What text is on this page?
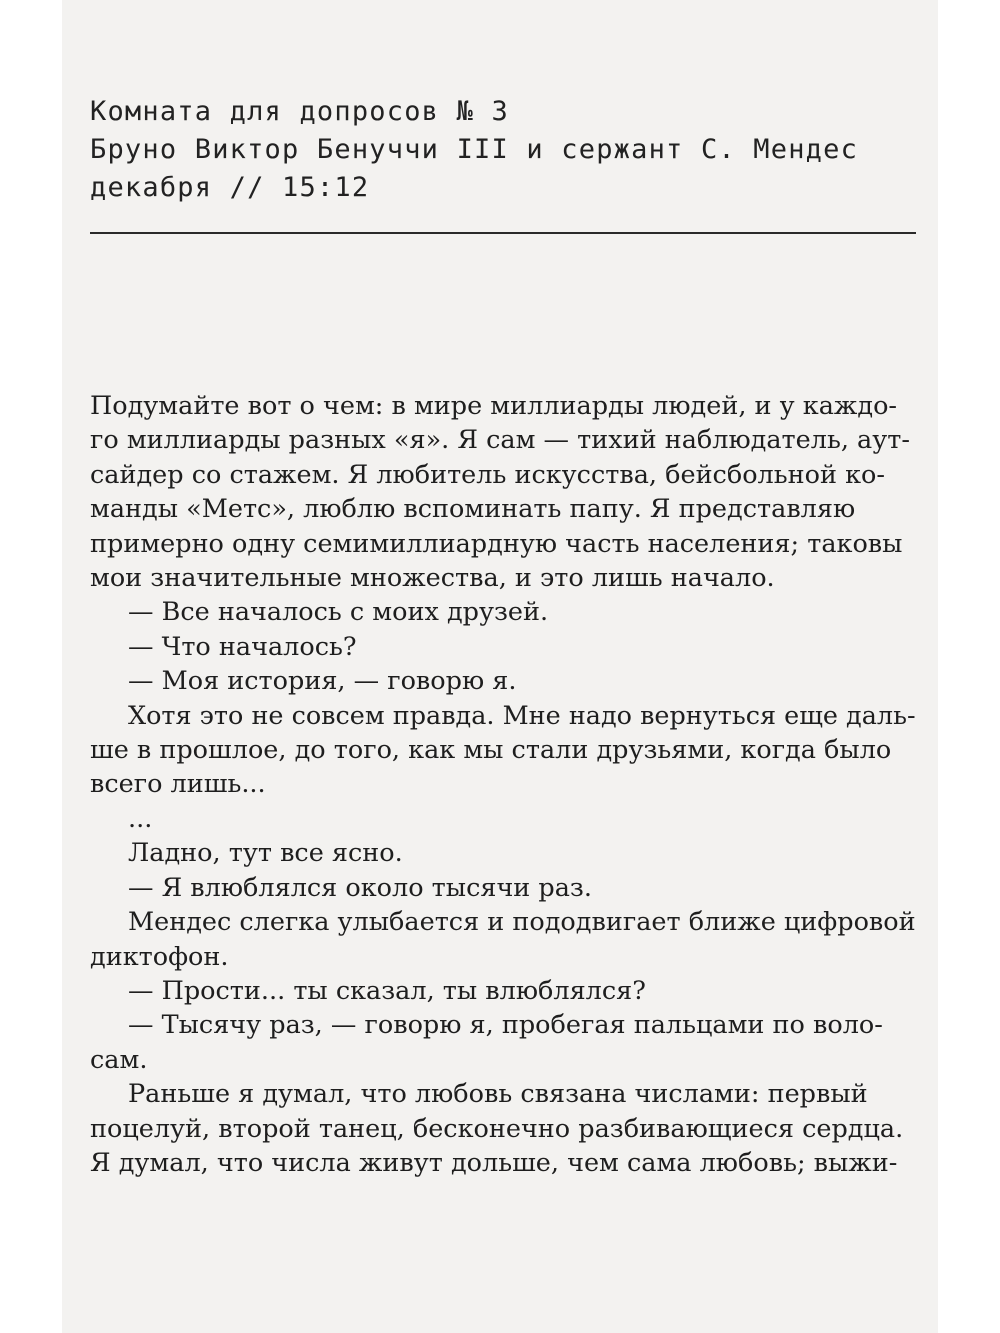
Комната для допросов № 3
Бруно Виктор Бенуччи III и сержант С. Мендес
декабря // 15:12
Подумайте вот о чем: в мире миллиарды людей, и у каждо-
го миллиарды разных «я». Я сам — тихий наблюдатель, аут-
сайдер со стажем. Я любитель искусства, бейсбольной ко-
манды «Метс», люблю вспоминать папу. Я представляю
примерно одну семимиллиардную часть населения; таковы
мои значительные множества, и это лишь начало.
— Все началось с моих друзей.
— Что началось?
— Моя история, — говорю я.
Хотя это не совсем правда. Мне надо вернуться еще даль-
ше в прошлое, до того, как мы стали друзьями, когда было
всего лишь...
...
Ладно, тут все ясно.
— Я влюблялся около тысячи раз.
Мендес слегка улыбается и пододвигает ближе цифровой
диктофон.
— Прости... ты сказал, ты влюблялся?
— Тысячу раз, — говорю я, пробегая пальцами по воло-
сам.
Раньше я думал, что любовь связана числами: первый
поцелуй, второй танец, бесконечно разбивающиеся сердца.
Я думал, что числа живут дольше, чем сама любовь; выжи-
